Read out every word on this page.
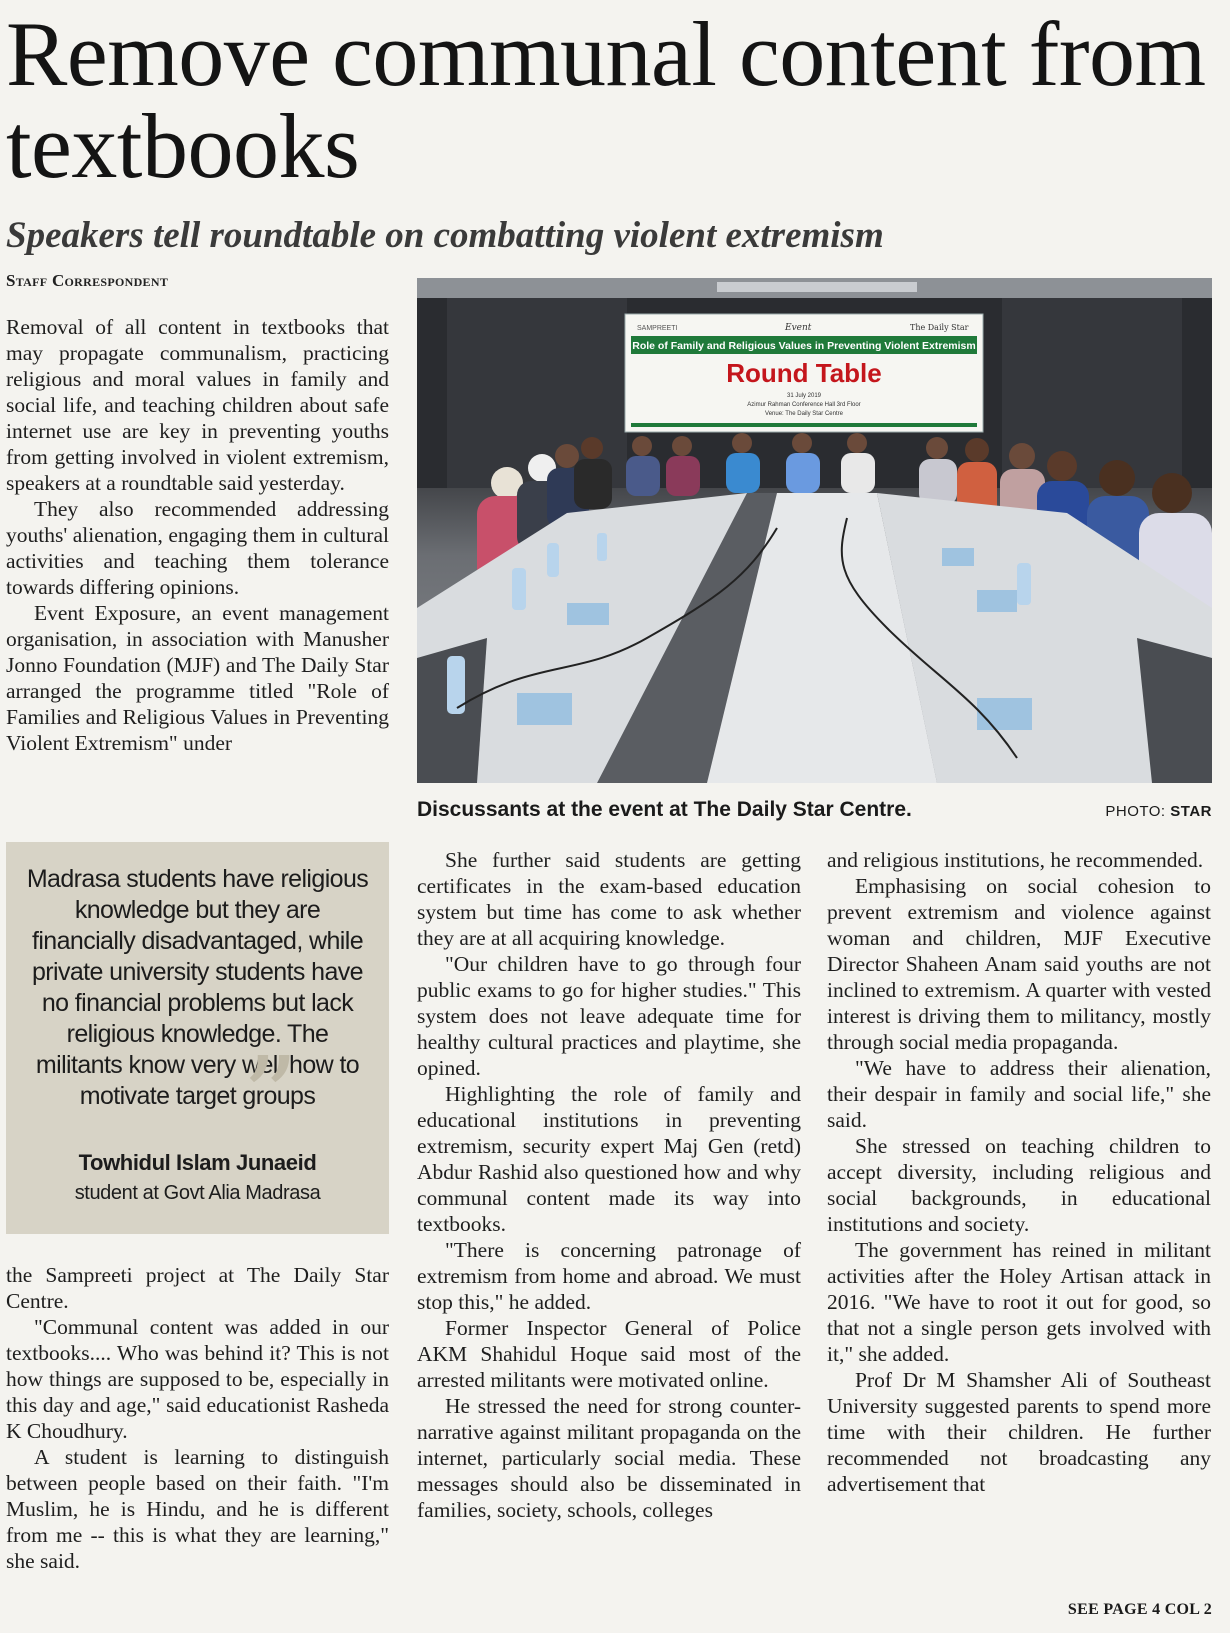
Remove communal content from textbooks
Speakers tell roundtable on combatting violent extremism
Staff Correspondent

Removal of all content in textbooks that may propagate communalism, practicing religious and moral values in family and social life, and teaching children about safe internet use are key in preventing youths from getting involved in violent extremism, speakers at a roundtable said yesterday.

They also recommended addressing youths' alienation, engaging them in cultural activities and teaching them tolerance towards differing opinions.

Event Exposure, an event management organisation, in association with Manusher Jonno Foundation (MJF) and The Daily Star arranged the programme titled "Role of Families and Religious Values in Preventing Violent Extremism" under

Madrasa students have religious knowledge but they are financially disadvantaged, while private university students have no financial problems but lack religious knowledge. The militants know very well how to motivate target groups
”
Towhidul Islam Junaeid
student at Govt Alia Madrasa

the Sampreeti project at The Daily Star Centre.

"Communal content was added in our textbooks.... Who was behind it? This is not how things are supposed to be, especially in this day and age," said educationist Rasheda K Choudhury.

A student is learning to distinguish between people based on their faith. "I'm Muslim, he is Hindu, and he is different from me -- this is what they are learning," she said.

SAMPREETI	Event	The Daily Star
Role of Family and Religious Values in Preventing Violent Extremism
Round Table
31 July 2019
Azimur Rahman Conference Hall 3rd Floor
Venue: The Daily Star Centre
Discussants at the event at The Daily Star Centre.	PHOTO: STAR

She further said students are getting certificates in the exam-based education system but time has come to ask whether they are at all acquiring knowledge.

"Our children have to go through four public exams to go for higher studies." This system does not leave adequate time for healthy cultural practices and playtime, she opined.

Highlighting the role of family and educational institutions in preventing extremism, security expert Maj Gen (retd) Abdur Rashid also questioned how and why communal content made its way into textbooks.

"There is concerning patronage of extremism from home and abroad. We must stop this," he added.

Former Inspector General of Police AKM Shahidul Hoque said most of the arrested militants were motivated online.

He stressed the need for strong counter-narrative against militant propaganda on the internet, particularly social media. These messages should also be disseminated in families, society, schools, colleges

and religious institutions, he recommended.

Emphasising on social cohesion to prevent extremism and violence against woman and children, MJF Executive Director Shaheen Anam said youths are not inclined to extremism. A quarter with vested interest is driving them to militancy, mostly through social media propaganda.

"We have to address their alienation, their despair in family and social life," she said.

She stressed on teaching children to accept diversity, including religious and social backgrounds, in educational institutions and society.

The government has reined in militant activities after the Holey Artisan attack in 2016. "We have to root it out for good, so that not a single person gets involved with it," she added.

Prof Dr M Shamsher Ali of Southeast University suggested parents to spend more time with their children. He further recommended not broadcasting any advertisement that

SEE PAGE 4 COL 2
